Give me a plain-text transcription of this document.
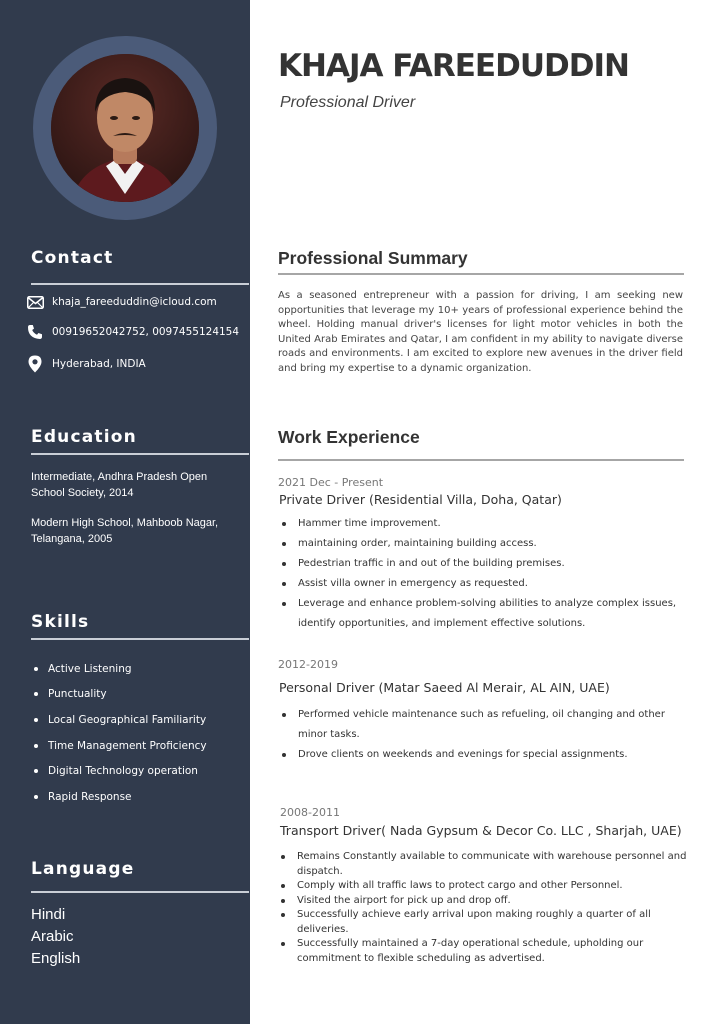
Contact
khaja_fareeduddin@icloud.com
00919652042752, 0097455124154
Hyderabad, INDIA
Education
Intermediate, Andhra Pradesh Open School Society, 2014
Modern High School, Mahboob Nagar, Telangana, 2005
Skills
Active Listening
Punctuality
Local Geographical Familiarity
Time Management Proficiency
Digital Technology operation
Rapid Response
Language
Hindi
Arabic
English
KHAJA FAREEDUDDIN
Professional Driver
Professional Summary
As a seasoned entrepreneur with a passion for driving, I am seeking new opportunities that leverage my 10+ years of professional experience behind the wheel. Holding manual driver's licenses for light motor vehicles in both the United Arab Emirates and Qatar, I am confident in my ability to navigate diverse roads and environments. I am excited to explore new avenues in the driver field and bring my expertise to a dynamic organization.
Work Experience
2021 Dec - Present
Private Driver (Residential Villa, Doha, Qatar)
Hammer time improvement.
maintaining order, maintaining building access.
Pedestrian traffic in and out of the building premises.
Assist villa owner in emergency as requested.
Leverage and enhance problem-solving abilities to analyze complex issues, identify opportunities, and implement effective solutions.
2012-2019
Personal Driver (Matar Saeed Al Merair, AL AIN, UAE)
Performed vehicle maintenance such as refueling, oil changing and other minor tasks.
Drove clients on weekends and evenings for special assignments.
2008-2011
Transport Driver( Nada Gypsum & Decor Co. LLC , Sharjah, UAE)
Remains Constantly available to communicate with warehouse personnel and dispatch.
Comply with all traffic laws to protect cargo and other Personnel.
Visited the airport for pick up and drop off.
Successfully achieve early arrival upon making roughly a quarter of all deliveries.
Successfully maintained a 7-day operational schedule, upholding our commitment to flexible scheduling as advertised.
